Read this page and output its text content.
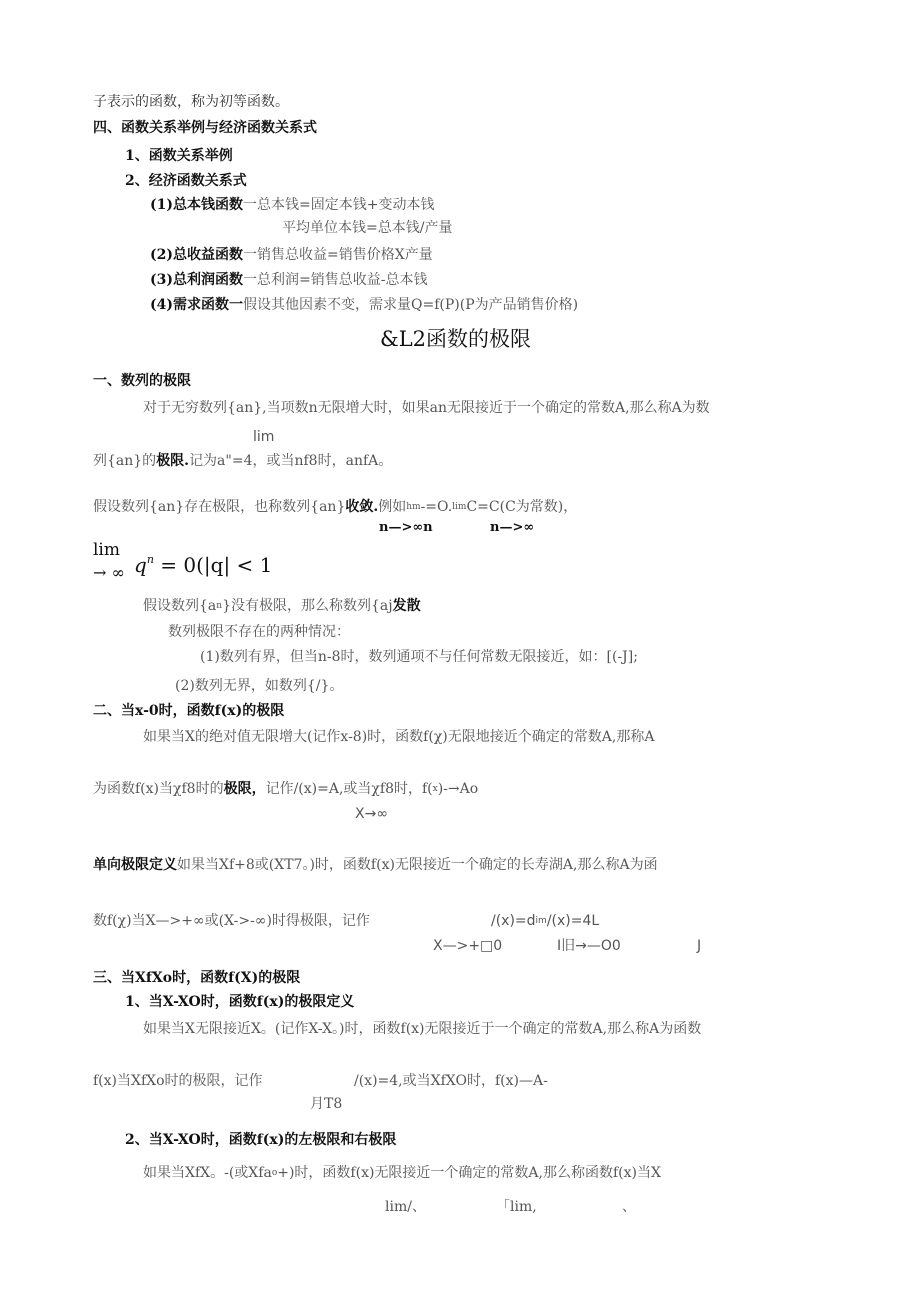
子表示的函数，称为初等函数。
四、函数关系举例与经济函数关系式
1、函数关系举例
2、经济函数关系式
(1)总本钱函数一总本钱=固定本钱+变动本钱
平均单位本钱=总本钱/产量
(2)总收益函数一销售总收益=销售价格X产量
(3)总利润函数一总利润=销售总收益-总本钱
(4)需求函数一假设其他因素不变，需求量Q=f(P)(P为产品销售价格)
&L2函数的极限
一、数列的极限
对于无穷数列{an},当项数n无限增大时，如果an无限接近于一个确定的常数A,那么称A为数
lim
列{an}的极限.记为a"=4，或当nf8时，anfA。
假设数列{an}存在极限，也称数列{an}收敛.例如$^{hm}$-=O.$^{lim}$C=C(C为常数)，
n—>∞n	n—>∞
lim
→ ∞ $q^n = 0(|q| < 1$
假设数列{an}没有极限，那么称数列{aj发散
数列极限不存在的两种情况：
(1)数列有界，但当n-8时，数列通项不与任何常数无限接近，如：[(-J];
(2)数列无界，如数列{/}。
二、当x-0时，函数f(x)的极限
如果当X的绝对值无限增大(记作x-8)时，函数f(χ)无限地接近个确定的常数A,那称A
为函数f(x)当χf8时的极限，记作/(x)=A,或当χf8时，f(x)-→Ao
X→∞
单向极限定义如果当Xf+8或(XT7。)时，函数f(x)无限接近一个确定的长寿湖A,那么称A为函
数f(χ)当X—>+∞或(X->-∞)时得极限，记作	$/(x)=d^{im}/(x)=4L$
X—>+□0	I旧→—O0	J
三、当XfXo时，函数f(X)的极限
1、当X-XO时，函数f(x)的极限定义
如果当X无限接近X。(记作X-X。)时，函数f(x)无限接近于一个确定的常数A,那么称A为函数
f(x)当XfXo时的极限，记作	/(x)=4,或当XfXO时，f(x)—A-
月T8
2、当X-XO时，函数f(x)的左极限和右极限
如果当XfX。-(或Xfao+)时，函数f(x)无限接近一个确定的常数A,那么称函数f(x)当X
lim/、	「lim,	、
